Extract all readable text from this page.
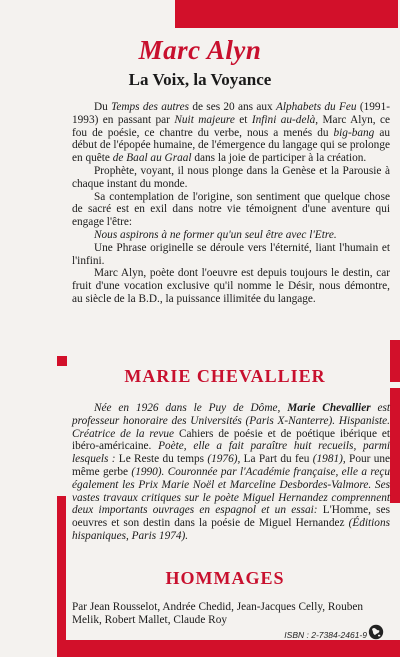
Marc Alyn
La Voix, la Voyance

Du Temps des autres de ses 20 ans aux Alphabets du Feu (1991-1993) en passant par Nuit majeure et Infini au-delà, Marc Alyn, ce fou de poésie, ce chantre du verbe, nous a menés du big-bang au début de l'épopée humaine, de l'émergence du langage qui se prolonge en quête de Baal au Graal dans la joie de participer à la création.

Prophète, voyant, il nous plonge dans la Genèse et la Parousie à chaque instant du monde.

Sa contemplation de l'origine, son sentiment que quelque chose de sacré est en exil dans notre vie témoignent d'une aventure qui engage l'être:

Nous aspirons à ne former qu'un seul être avec l'Etre.

Une Phrase originelle se déroule vers l'éternité, liant l'humain et l'infini.

Marc Alyn, poète dont l'oeuvre est depuis toujours le destin, car fruit d'une vocation exclusive qu'il nomme le Désir, nous démontre, au siècle de la B.D., la puissance illimitée du langage.

MARIE CHEVALLIER

Née en 1926 dans le Puy de Dôme, Marie Chevallier est professeur honoraire des Universités (Paris X-Nanterre). Hispaniste. Créatrice de la revue Cahiers de poésie et de poétique ibérique et ibéro-américaine. Poète, elle a fait paraître huit recueils, parmi lesquels : Le Reste du temps (1976), La Part du feu (1981), Pour une même gerbe (1990). Couronnée par l'Académie française, elle a reçu également les Prix Marie Noël et Marceline Desbordes-Valmore. Ses vastes travaux critiques sur le poète Miguel Hernandez comprennent deux importants ouvrages en espagnol et un essai: L'Homme, ses oeuvres et son destin dans la poésie de Miguel Hernandez (Éditions hispaniques, Paris 1974).

HOMMAGES
Par Jean Rousselot, Andrée Chedid, Jean-Jacques Celly, Rouben Melik, Robert Mallet, Claude Roy
ISBN : 2-7384-2461-9
